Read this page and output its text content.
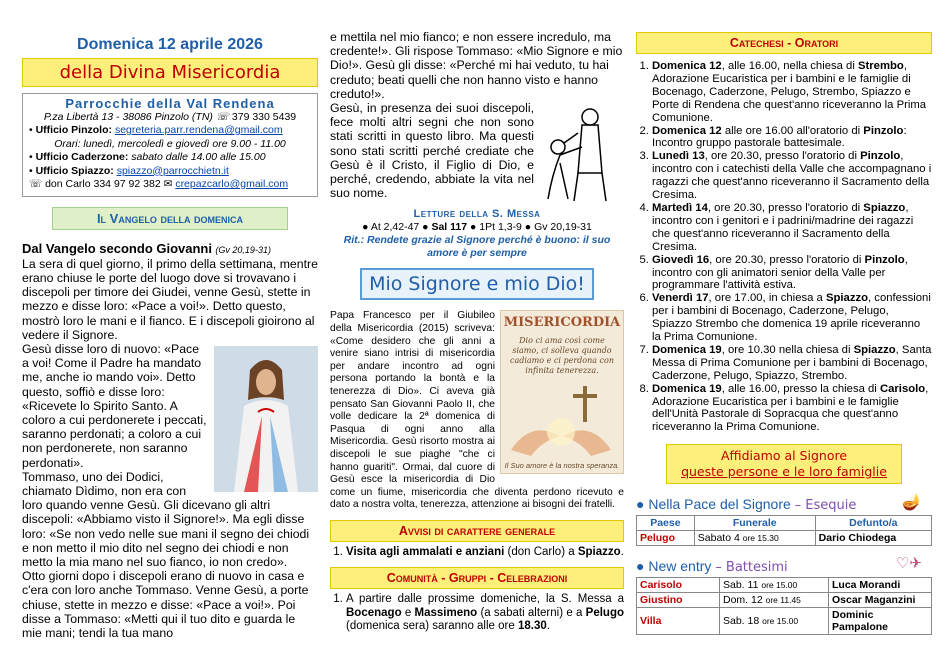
Domenica 12 aprile 2026
della Divina Misericordia
Parrocchie della Val Rendena
P.za Libertà 13 - 38086 Pinzolo (TN) ☏ 379 330 5439
• Ufficio Pinzolo: segreteria.parr.rendena@gmail.com
Orari: lunedì, mercoledì e giovedì ore 9.00 - 11.00
• Ufficio Caderzone: sabato dalle 14.00 alle 15.00
• Ufficio Spiazzo: spiazzo@parrocchietn.it
☏ don Carlo 334 97 92 382 ✉ crepazcarlo@gmail.com
Il Vangelo della domenica
Dal Vangelo secondo Giovanni (Gv 20,19-31)
La sera di quel giorno, il primo della settimana, mentre erano chiuse le porte del luogo dove si trovavano i discepoli per timore dei Giudei, venne Gesù, stette in mezzo e disse loro: «Pace a voi!». Detto questo, mostrò loro le mani e il fianco. E i discepoli gioirono al vedere il Signore.
Gesù disse loro di nuovo: «Pace a voi! Come il Padre ha mandato me, anche io mando voi». Detto questo, soffiò e disse loro: «Ricevete lo Spirito Santo. A coloro a cui perdonerete i peccati, saranno perdonati; a coloro a cui non perdonerete, non saranno perdonati».
Tommaso, uno dei Dodici, chiamato Dìdimo, non era con loro quando venne Gesù. Gli dicevano gli altri discepoli: «Abbiamo visto il Signore!». Ma egli disse loro: «Se non vedo nelle sue mani il segno dei chiodi e non metto il mio dito nel segno dei chiodi e non metto la mia mano nel suo fianco, io non credo».
Otto giorni dopo i discepoli erano di nuovo in casa e c'era con loro anche Tommaso. Venne Gesù, a porte chiuse, stette in mezzo e disse: «Pace a voi!». Poi disse a Tommaso: «Metti qui il tuo dito e guarda le mie mani; tendi la tua mano
e mettila nel mio fianco; e non essere incredulo, ma credente!». Gli rispose Tommaso: «Mio Signore e mio Dio!». Gesù gli disse: «Perché mi hai veduto, tu hai creduto; beati quelli che non hanno visto e hanno creduto!».
Gesù, in presenza dei suoi discepoli, fece molti altri segni che non sono stati scritti in questo libro. Ma questi sono stati scritti perché crediate che Gesù è il Cristo, il Figlio di Dio, e perché, credendo, abbiate la vita nel suo nome.
Letture della S. Messa
● At 2,42-47 ● Sal 117 ● 1Pt 1,3-9 ● Gv 20,19-31
Rit.: Rendete grazie al Signore perché è buono: il suo amore è per sempre
Mio Signore e mio Dio!
MISERICORDIA
Dio ci ama così come siamo, ci solleva quando cadiamo e ci perdona con infinita tenerezza.
Il Suo amore è la nostra speranza.
Papa Francesco per il Giubileo della Misericordia (2015) scriveva: «Come desidero che gli anni a venire siano intrisi di misericordia per andare incontro ad ogni persona portando la bontà e la tenerezza di Dio». Ci aveva già pensato San Giovanni Paolo II, che volle dedicare la 2ª domenica di Pasqua di ogni anno alla Misericordia. Gesù risorto mostra ai discepoli le sue piaghe "che ci hanno guariti". Ormai, dal cuore di Gesù esce la misericordia di Dio come un fiume, misericordia che diventa perdono ricevuto e dato a nostra volta, tenerezza, attenzione ai bisogni dei fratelli.
Avvisi di carattere generale
1. Visita agli ammalati e anziani (don Carlo) a Spiazzo.
Comunità - Gruppi - Celebrazioni
1. A partire dalle prossime domeniche, la S. Messa a Bocenago e Massimeno (a sabati alterni) e a Pelugo (domenica sera) saranno alle ore 18.30.
Catechesi - Oratori
1. Domenica 12, alle 16.00, nella chiesa di Strembo, Adorazione Eucaristica per i bambini e le famiglie di Bocenago, Caderzone, Pelugo, Strembo, Spiazzo e Porte di Rendena che quest'anno riceveranno la Prima Comunione.
2. Domenica 12 alle ore 16.00 all'oratorio di Pinzolo: Incontro gruppo pastorale battesimale.
3. Lunedì 13, ore 20.30, presso l'oratorio di Pinzolo, incontro con i catechisti della Valle che accompagnano i ragazzi che quest'anno riceveranno il Sacramento della Cresima.
4. Martedì 14, ore 20.30, presso l'oratorio di Spiazzo, incontro con i genitori e i padrini/madrine dei ragazzi che quest'anno riceveranno il Sacramento della Cresima.
5. Giovedì 16, ore 20.30, presso l'oratorio di Pinzolo, incontro con gli animatori senior della Valle per programmare l'attività estiva.
6. Venerdì 17, ore 17.00, in chiesa a Spiazzo, confessioni per i bambini di Bocenago, Caderzone, Pelugo, Spiazzo Strembo che domenica 19 aprile riceveranno la Prima Comunione.
7. Domenica 19, ore 10.30 nella chiesa di Spiazzo, Santa Messa di Prima Comunione per i bambini di Bocenago, Caderzone, Pelugo, Spiazzo, Strembo.
8. Domenica 19, alle 16.00, presso la chiesa di Carisolo, Adorazione Eucaristica per i bambini e le famiglie dell'Unità Pastorale di Sopracqua che quest'anno riceveranno la Prima Comunione.
Affidiamo al Signore
queste persone e le loro famiglie
● Nella Pace del Signore – Esequie	🪔
Paese	Funerale	Defunto/a
Pelugo	Sabato 4 ore 15.30	Dario Chiodega
● New entry – Battesimi	♡✈
Carisolo	Sab. 11 ore 15.00	Luca Morandi
Giustino	Dom. 12 ore 11.45	Oscar Maganzini
Villa	Sab. 18 ore 15.00	Dominic Pampalone
